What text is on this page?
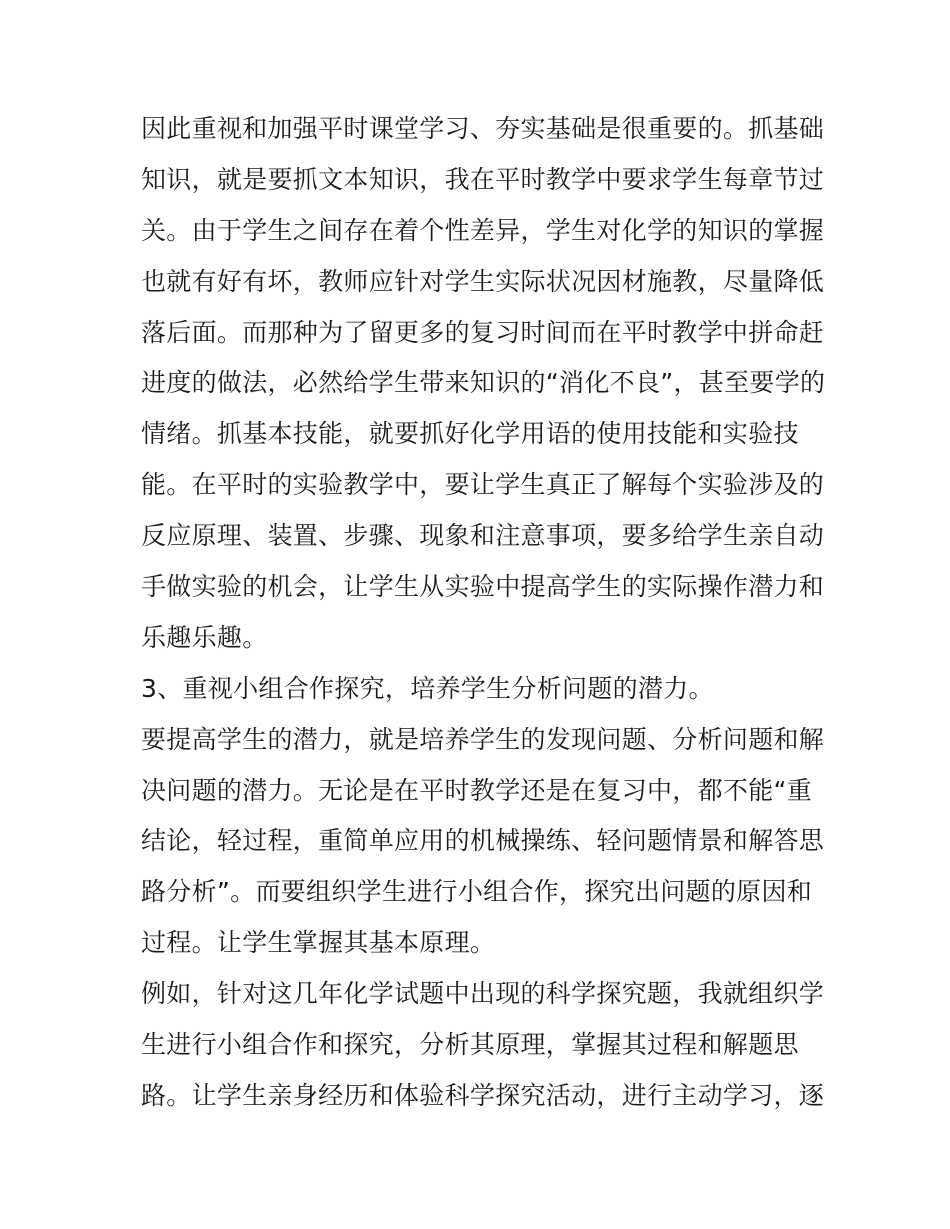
因此重视和加强平时课堂学习、夯实基础是很重要的。抓基础
知识，就是要抓文本知识，我在平时教学中要求学生每章节过
关。由于学生之间存在着个性差异，学生对化学的知识的掌握
也就有好有坏，教师应针对学生实际状况因材施教，尽量降低
落后面。而那种为了留更多的复习时间而在平时教学中拼命赶
进度的做法，必然给学生带来知识的“消化不良”，甚至要学的
情绪。抓基本技能，就要抓好化学用语的使用技能和实验技
能。在平时的实验教学中，要让学生真正了解每个实验涉及的
反应原理、装置、步骤、现象和注意事项，要多给学生亲自动
手做实验的机会，让学生从实验中提高学生的实际操作潜力和
乐趣乐趣。
3、重视小组合作探究，培养学生分析问题的潜力。
要提高学生的潜力，就是培养学生的发现问题、分析问题和解
决问题的潜力。无论是在平时教学还是在复习中，都不能“重
结论，轻过程，重简单应用的机械操练、轻问题情景和解答思
路分析”。而要组织学生进行小组合作，探究出问题的原因和
过程。让学生掌握其基本原理。
例如，针对这几年化学试题中出现的科学探究题，我就组织学
生进行小组合作和探究，分析其原理，掌握其过程和解题思
路。让学生亲身经历和体验科学探究活动，进行主动学习，逐
